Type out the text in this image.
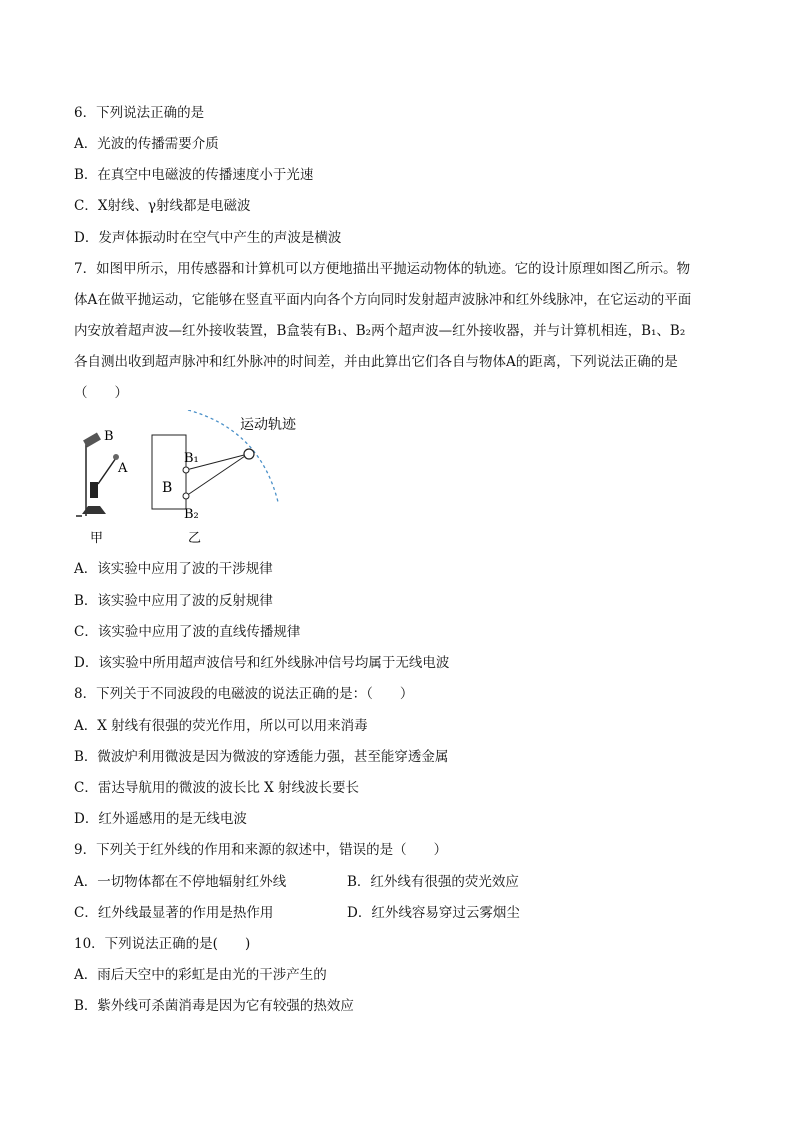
6．下列说法正确的是
A．光波的传播需要介质
B．在真空中电磁波的传播速度小于光速
C．X射线、γ射线都是电磁波
D．发声体振动时在空气中产生的声波是横波
7．如图甲所示，用传感器和计算机可以方便地描出平抛运动物体的轨迹。它的设计原理如图乙所示。物
体A在做平抛运动，它能够在竖直平面内向各个方向同时发射超声波脉冲和红外线脉冲，在它运动的平面
内安放着超声波—红外接收装置，B盒装有B₁、B₂两个超声波—红外接收器，并与计算机相连，B₁、B₂
各自测出收到超声脉冲和红外脉冲的时间差，并由此算出它们各自与物体A的距离，下列说法正确的是
（　　）
B
A
甲
运动轨迹
B
B₁
B₂
乙
A．该实验中应用了波的干涉规律
B．该实验中应用了波的反射规律
C．该实验中应用了波的直线传播规律
D．该实验中所用超声波信号和红外线脉冲信号均属于无线电波
8．下列关于不同波段的电磁波的说法正确的是：（　　）
A．X 射线有很强的荧光作用，所以可以用来消毒
B．微波炉利用微波是因为微波的穿透能力强，甚至能穿透金属
C．雷达导航用的微波的波长比 X 射线波长要长
D．红外遥感用的是无线电波
9．下列关于红外线的作用和来源的叙述中，错误的是（　　）
A．一切物体都在不停地辐射红外线	B．红外线有很强的荧光效应
C．红外线最显著的作用是热作用	D．红外线容易穿过云雾烟尘
10．下列说法正确的是(　　)
A．雨后天空中的彩虹是由光的干涉产生的
B．紫外线可杀菌消毒是因为它有较强的热效应
